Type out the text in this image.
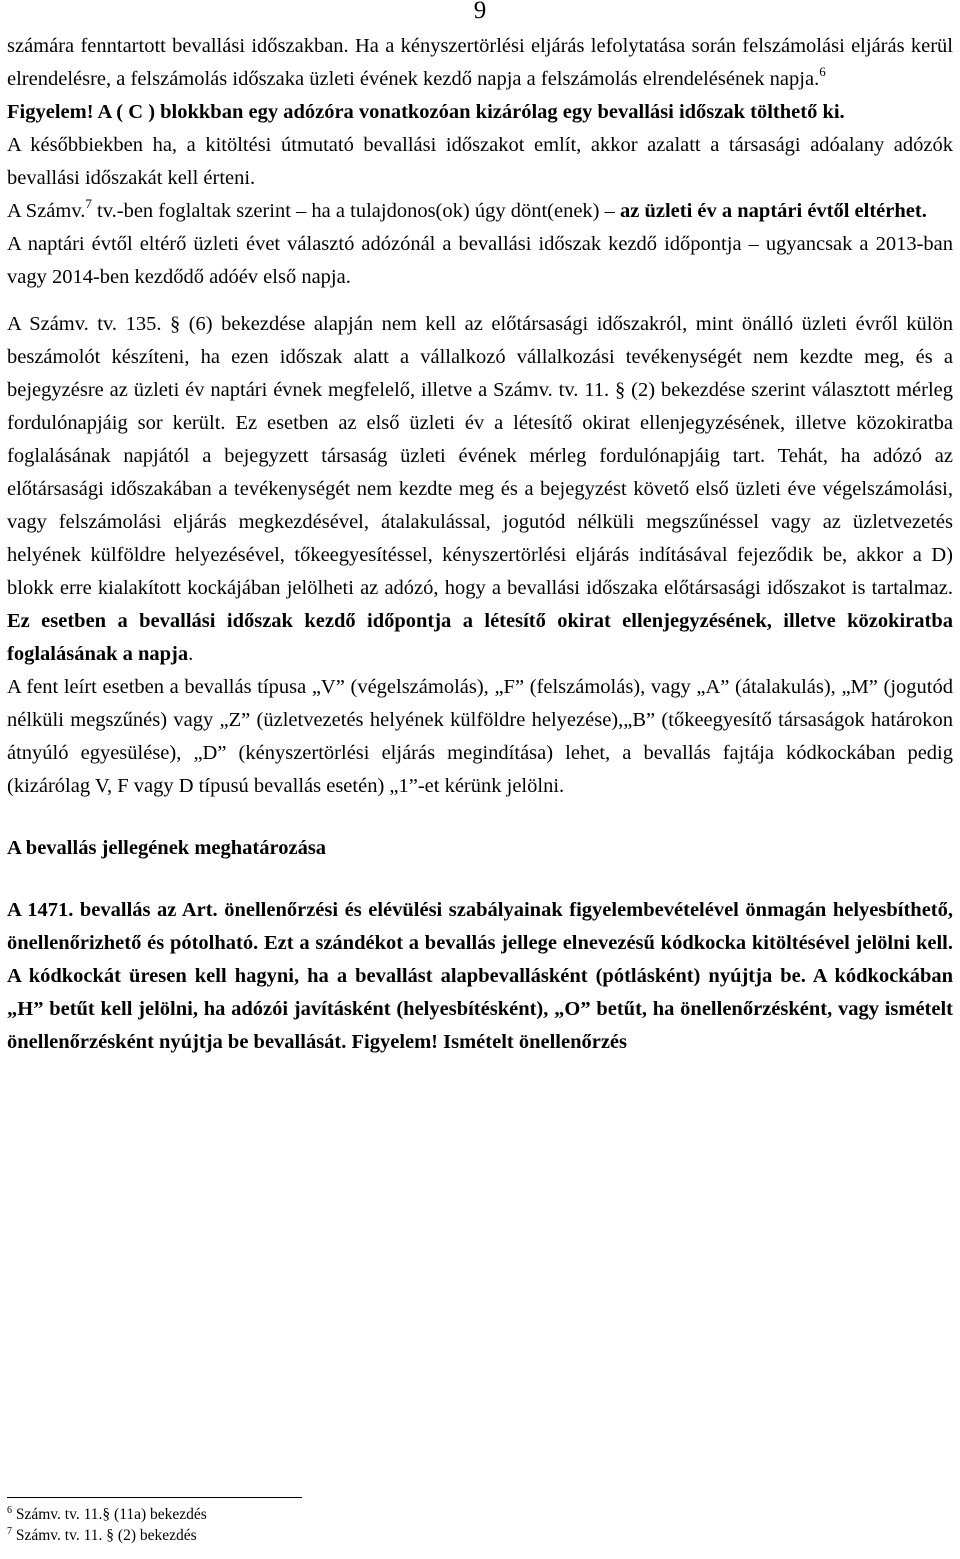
9

számára fenntartott bevallási időszakban. Ha a kényszertörlési eljárás lefolytatása során felszámolási eljárás kerül elrendelésre, a felszámolás időszaka üzleti évének kezdő napja a felszámolás elrendelésének napja.$^6$

Figyelem! A ( C ) blokkban egy adózóra vonatkozóan kizárólag egy bevallási időszak tölthető ki.

A későbbiekben ha, a kitöltési útmutató bevallási időszakot említ, akkor azalatt a társasági adóalany adózók bevallási időszakát kell érteni.

A Számv.$^7$ tv.-ben foglaltak szerint – ha a tulajdonos(ok) úgy dönt(enek) – az üzleti év a naptári évtől eltérhet.

A naptári évtől eltérő üzleti évet választó adózónál a bevallási időszak kezdő időpontja – ugyancsak a 2013-ban vagy 2014-ben kezdődő adóév első napja.

A Számv. tv. 135. § (6) bekezdése alapján nem kell az előtársasági időszakról, mint önálló üzleti évről külön beszámolót készíteni, ha ezen időszak alatt a vállalkozó vállalkozási tevékenységét nem kezdte meg, és a bejegyzésre az üzleti év naptári évnek megfelelő, illetve a Számv. tv. 11. § (2) bekezdése szerint választott mérleg fordulónapjáig sor került. Ez esetben az első üzleti év a létesítő okirat ellenjegyzésének, illetve közokiratba foglalásának napjától a bejegyzett társaság üzleti évének mérleg fordulónapjáig tart. Tehát, ha adózó az előtársasági időszakában a tevékenységét nem kezdte meg és a bejegyzést követő első üzleti éve végelszámolási, vagy felszámolási eljárás megkezdésével, átalakulással, jogutód nélküli megszűnéssel vagy az üzletvezetés helyének külföldre helyezésével, tőkeegyesítéssel, kényszertörlési eljárás indításával fejeződik be, akkor a D) blokk erre kialakított kockájában jelölheti az adózó, hogy a bevallási időszaka előtársasági időszakot is tartalmaz. Ez esetben a bevallási időszak kezdő időpontja a létesítő okirat ellenjegyzésének, illetve közokiratba foglalásának a napja.

A fent leírt esetben a bevallás típusa „V” (végelszámolás), „F” (felszámolás), vagy „A” (átalakulás), „M” (jogutód nélküli megszűnés) vagy „Z” (üzletvezetés helyének külföldre helyezése),„B” (tőkeegyesítő társaságok határokon átnyúló egyesülése), „D” (kényszertörlési eljárás megindítása) lehet, a bevallás fajtája kódkockában pedig (kizárólag V, F vagy D típusú bevallás esetén) „1”-et kérünk jelölni.

A bevallás jellegének meghatározása

A 1471. bevallás az Art. önellenőrzési és elévülési szabályainak figyelembevételével önmagán helyesbíthető, önellenőrizhető és pótolható. Ezt a szándékot a bevallás jellege elnevezésű kódkocka kitöltésével jelölni kell. A kódkockát üresen kell hagyni, ha a bevallást alapbevallásként (pótlásként) nyújtja be. A kódkockában „H” betűt kell jelölni, ha adózói javításként (helyesbítésként), „O” betűt, ha önellenőrzésként, vagy ismételt önellenőrzésként nyújtja be bevallását. Figyelem! Ismételt önellenőrzés

$^6$ Számv. tv. 11.§ (11a) bekezdés
$^7$ Számv. tv. 11. § (2) bekezdés
